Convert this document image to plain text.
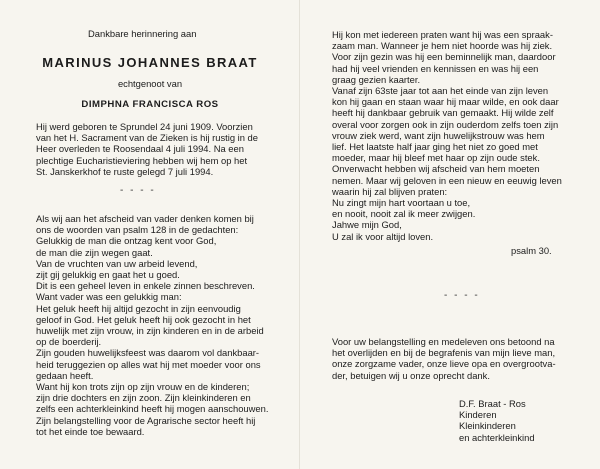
Dankbare herinnering aan
MARINUS JOHANNES BRAAT
echtgenoot van
DIMPHNA FRANCISCA ROS
Hij werd geboren te Sprundel 24 juni 1909. Voorzien
van het H. Sacrament van de Zieken is hij rustig in de
Heer overleden te Roosendaal 4 juli 1994. Na een
plechtige Eucharistieviering hebben wij hem op het
St. Janskerkhof te ruste gelegd 7 juli 1994.
- - - -
Als wij aan het afscheid van vader denken komen bij
ons de woorden van psalm 128 in de gedachten:
Gelukkig de man die ontzag kent voor God,
de man die zijn wegen gaat.
Van de vruchten van uw arbeid levend,
zijt gij gelukkig en gaat het u goed.
Dit is een geheel leven in enkele zinnen beschreven.
Want vader was een gelukkig man:
Het geluk heeft hij altijd gezocht in zijn eenvoudig
geloof in God. Het geluk heeft hij ook gezocht in het
huwelijk met zijn vrouw, in zijn kinderen en in de arbeid
op de boerderij.
Zijn gouden huwelijksfeest was daarom vol dankbaar-
heid teruggezien op alles wat hij met moeder voor ons
gedaan heeft.
Want hij kon trots zijn op zijn vrouw en de kinderen;
zijn drie dochters en zijn zoon. Zijn kleinkinderen en
zelfs een achterkleinkind heeft hij mogen aanschouwen.
Zijn belangstelling voor de Agrarische sector heeft hij
tot het einde toe bewaard.
Hij kon met iedereen praten want hij was een spraak-
zaam man. Wanneer je hem niet hoorde was hij ziek.
Voor zijn gezin was hij een beminnelijk man, daardoor
had hij veel vrienden en kennissen en was hij een
graag gezien kaarter.
Vanaf zijn 63ste jaar tot aan het einde van zijn leven
kon hij gaan en staan waar hij maar wilde, en ook daar
heeft hij dankbaar gebruik van gemaakt. Hij wilde zelf
overal voor zorgen ook in zijn ouderdom zelfs toen zijn
vrouw ziek werd, want zijn huwelijkstrouw was hem
lief. Het laatste half jaar ging het niet zo goed met
moeder, maar hij bleef met haar op zijn oude stek.
Onverwacht hebben wij afscheid van hem moeten
nemen. Maar wij geloven in een nieuw en eeuwig leven
waarin hij zal blijven praten:
Nu zingt mijn hart voortaan u toe,
en nooit, nooit zal ik meer zwijgen.
Jahwe mijn God,
U zal ik voor altijd loven.
psalm 30.
- - - -
Voor uw belangstelling en medeleven ons betoond na
het overlijden en bij de begrafenis van mijn lieve man,
onze zorgzame vader, onze lieve opa en overgrootva-
der, betuigen wij u onze oprecht dank.
D.F. Braat - Ros
Kinderen
Kleinkinderen
en achterkleinkind
